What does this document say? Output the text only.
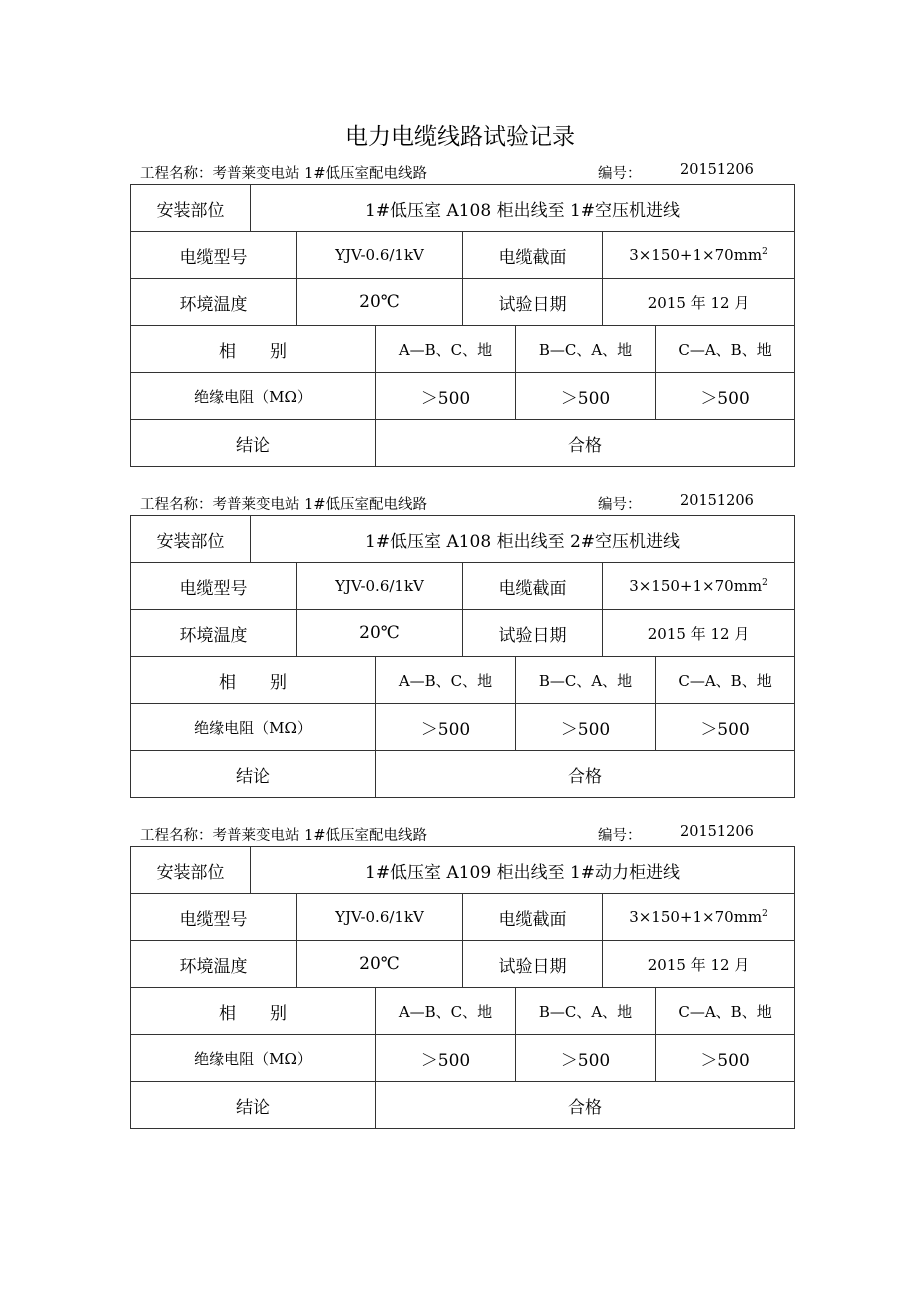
电力电缆线路试验记录
工程名称：考普莱变电站 1#低压室配电线路	编号：	20151206
安装部位	1#低压室 A108 柜出线至 1#空压机进线						
电缆型号		YJV-0.6/1kV		电缆截面		$3\times 150+1\times 70mm^2$
环境温度		20℃		试验日期		2015 年 12 月	
相　　别			A—B、C、地		B—C、A、地		C—A、B、地
绝缘电阻（MΩ）			＞500		＞500		＞500
结论			合格				
工程名称：考普莱变电站 1#低压室配电线路	编号：	20151206
安装部位	1#低压室 A108 柜出线至 2#空压机进线						
电缆型号		YJV-0.6/1kV		电缆截面		$3\times 150+1\times 70mm^2$
环境温度		20℃		试验日期		2015 年 12 月	
相　　别			A—B、C、地		B—C、A、地		C—A、B、地
绝缘电阻（MΩ）			＞500		＞500		＞500
结论			合格				
工程名称：考普莱变电站 1#低压室配电线路	编号：	20151206
安装部位	1#低压室 A109 柜出线至 1#动力柜进线						
电缆型号		YJV-0.6/1kV		电缆截面		$3\times 150+1\times 70mm^2$
环境温度		20℃		试验日期		2015 年 12 月	
相　　别			A—B、C、地		B—C、A、地		C—A、B、地
绝缘电阻（MΩ）			＞500		＞500		＞500
结论			合格				
